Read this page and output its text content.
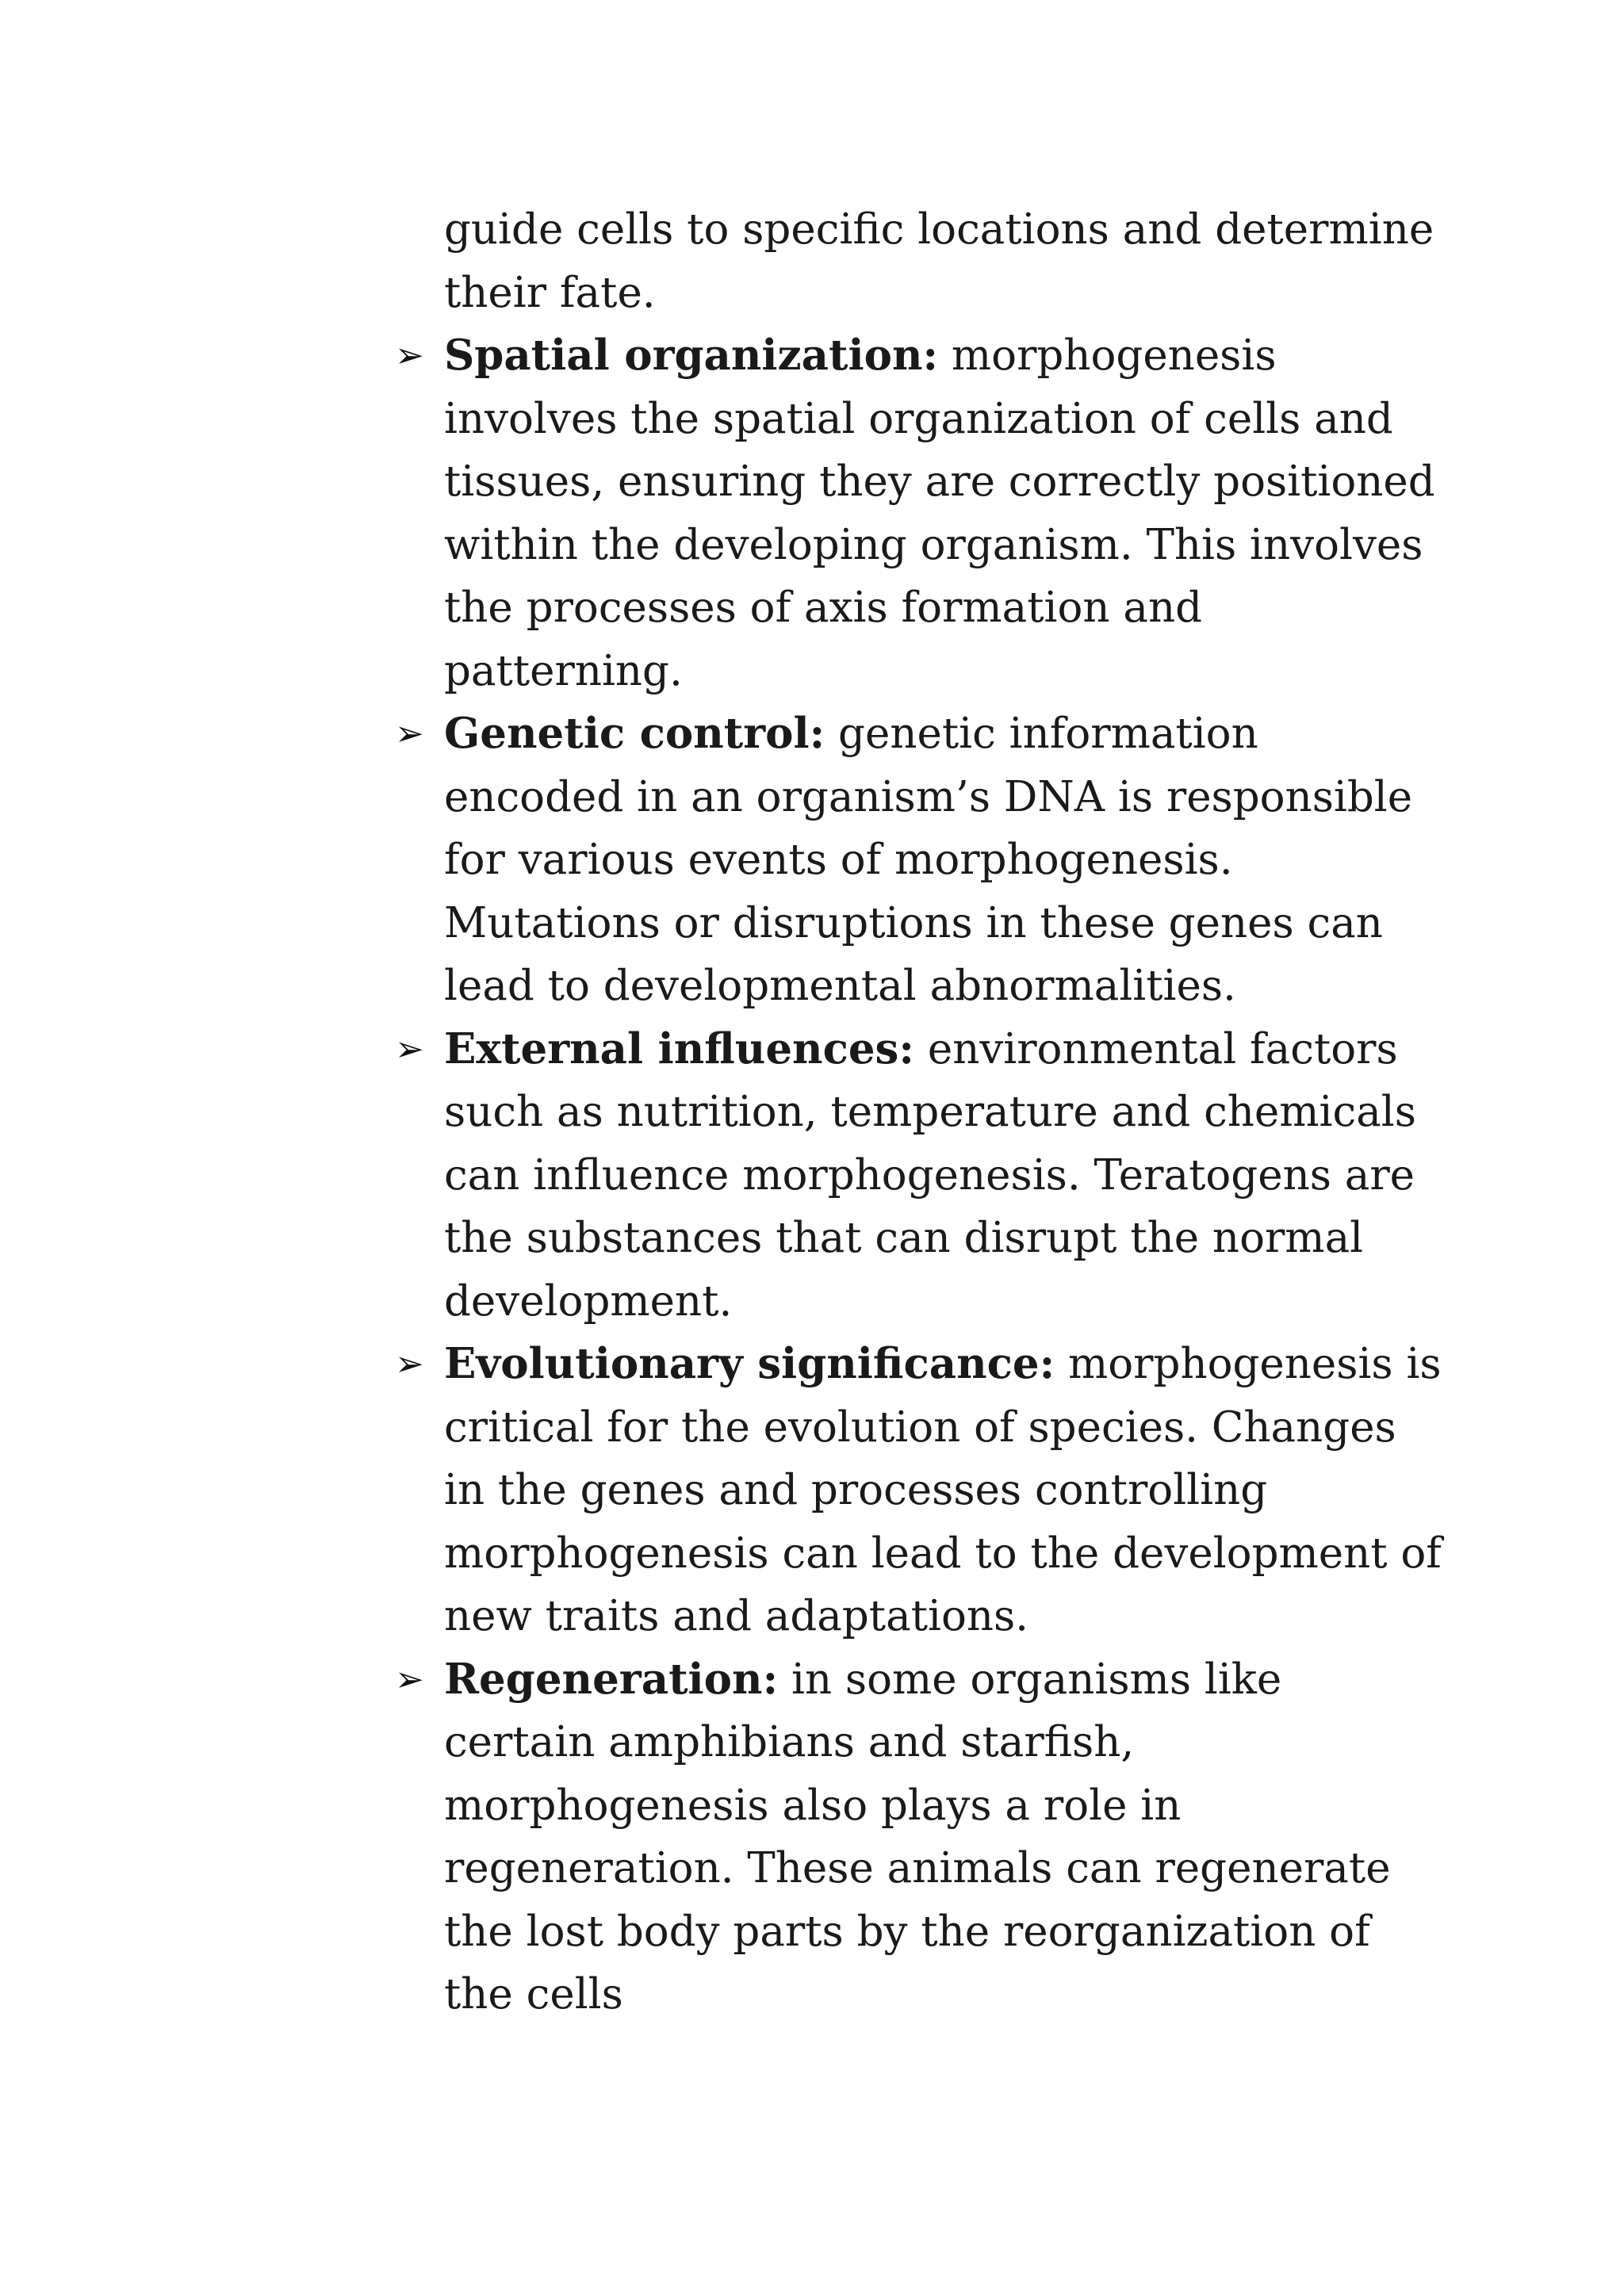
guide cells to specific locations and determine their fate.

➢ Spatial organization: morphogenesis involves the spatial organization of cells and tissues, ensuring they are correctly positioned within the developing organism. This involves the processes of axis formation and patterning.
➢ Genetic control: genetic information encoded in an organism’s DNA is responsible for various events of morphogenesis. Mutations or disruptions in these genes can lead to developmental abnormalities.
➢ External influences: environmental factors such as nutrition, temperature and chemicals can influence morphogenesis. Teratogens are the substances that can disrupt the normal development.
➢ Evolutionary significance: morphogenesis is critical for the evolution of species. Changes in the genes and processes controlling morphogenesis can lead to the development of new traits and adaptations.
➢ Regeneration: in some organisms like certain amphibians and starfish, morphogenesis also plays a role in regeneration. These animals can regenerate the lost body parts by the reorganization of the cells
